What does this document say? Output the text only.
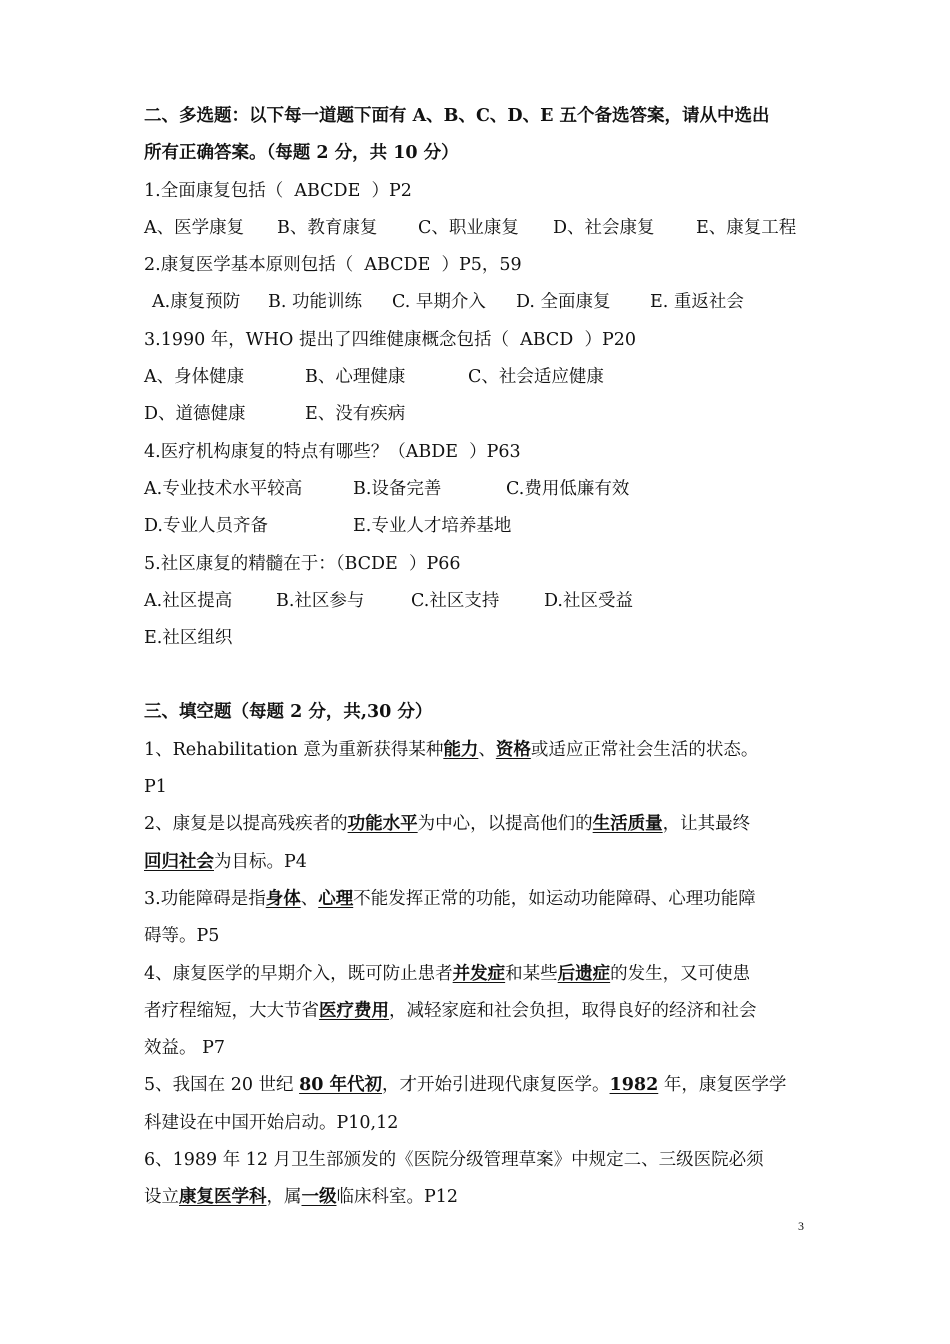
二、多选题：以下每一道题下面有 A、B、C、D、E 五个备选答案，请从中选出
所有正确答案。（每题 2 分，共 10 分）
1.全面康复包括（  ABCDE  ）P2
A、医学康复 B、教育康复 C、职业康复 D、社会康复 E、康复工程
2.康复医学基本原则包括（  ABCDE  ）P5，59
A.康复预防 B. 功能训练 C. 早期介入 D. 全面康复 E. 重返社会
3.1990 年，WHO 提出了四维健康概念包括（  ABCD  ）P20
A、身体健康	B、心理健康	C、社会适应健康
D、道德健康	E、没有疾病
4.医疗机构康复的特点有哪些？（ABDE  ）P63
A.专业技术水平较高	B.设备完善	C.费用低廉有效
D.专业人员齐备	E.专业人才培养基地
5.社区康复的精髓在于：（BCDE  ）P66
A.社区提高	B.社区参与	C.社区支持	D.社区受益
E.社区组织
三、填空题（每题 2 分，共,30 分）
1、Rehabilitation 意为重新获得某种能力、资格或适应正常社会生活的状态。
P1
2、康复是以提高残疾者的功能水平为中心，以提高他们的生活质量，让其最终
回归社会为目标。P4
3.功能障碍是指身体、心理不能发挥正常的功能，如运动功能障碍、心理功能障
碍等。P5
4、康复医学的早期介入，既可防止患者并发症和某些后遗症的发生，又可使患
者疗程缩短，大大节省医疗费用，减轻家庭和社会负担，取得良好的经济和社会
效益。 P7
5、我国在 20 世纪 80 年代初，才开始引进现代康复医学。1982 年，康复医学学
科建设在中国开始启动。P10,12
6、1989 年 12 月卫生部颁发的《医院分级管理草案》中规定二、三级医院必须
设立康复医学科，属一级临床科室。P12
3
